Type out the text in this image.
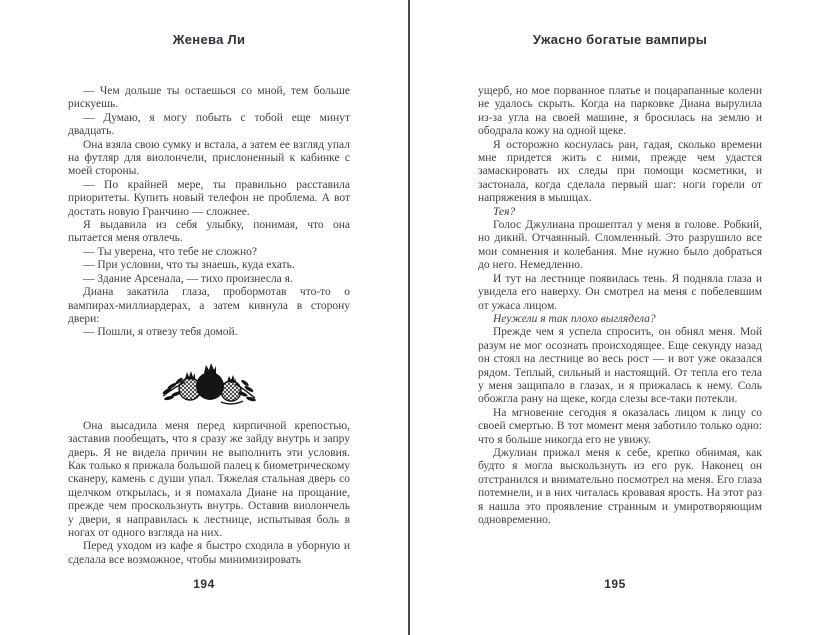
Женева Ли

— Чем дольше ты остаешься со мной, тем больше рискуешь.

— Думаю, я могу побыть с тобой еще минут двадцать.

Она взяла свою сумку и встала, а затем ее взгляд упал на футляр для виолончели, прислоненный к кабинке с моей стороны.

— По крайней мере, ты правильно расставила приоритеты. Купить новый телефон не проблема. А вот достать новую Гранчино — сложнее.

Я выдавила из себя улыбку, понимая, что она пытается меня отвлечь.

— Ты уверена, что тебе не сложно?

— При условии, что ты знаешь, куда ехать.

— Здание Арсенала, — тихо произнесла я.

Диана закатила глаза, пробормотав что-то о вампирах-миллиардерах, а затем кивнула в сторону двери:

— Пошли, я отвезу тебя домой.

Она высадила меня перед кирпичной крепостью, заставив пообещать, что я сразу же зайду внутрь и запру дверь. Я не видела причин не выполнить эти условия. Как только я прижала большой палец к биометрическому сканеру, камень с души упал. Тяжелая стальная дверь со щелчком открылась, и я помахала Диане на прощание, прежде чем проскользнуть внутрь. Оставив виолончель у двери, я направилась к лестнице, испытывая боль в ногах от одного взгляда на них.

Перед уходом из кафе я быстро сходила в уборную и сделала все возможное, чтобы минимизировать

194
Ужасно богатые вампиры

ущерб, но мое порванное платье и поцарапанные колени не удалось скрыть. Когда на парковке Диана вырулила из-за угла на своей машине, я бросилась на землю и ободрала кожу на одной щеке.

Я осторожно коснулась ран, гадая, сколько времени мне придется жить с ними, прежде чем удастся замаскировать их следы при помощи косметики, и застонала, когда сделала первый шаг: ноги горели от напряжения в мышцах.

Тея?

Голос Джулиана прошептал у меня в голове. Робкий, но дикий. Отчаянный. Сломленный. Это разрушило все мои сомнения и колебания. Мне нужно было добраться до него. Немедленно.

И тут на лестнице появилась тень. Я подняла глаза и увидела его наверху. Он смотрел на меня с побелевшим от ужаса лицом.

Неужели я так плохо выглядела?

Прежде чем я успела спросить, он обнял меня. Мой разум не мог осознать происходящее. Еще секунду назад он стоял на лестнице во весь рост — и вот уже оказался рядом. Теплый, сильный и настоящий. От тепла его тела у меня защипало в глазах, и я прижалась к нему. Соль обожгла рану на щеке, когда слезы все-таки потекли.

На мгновение сегодня я оказалась лицом к лицу со своей смертью. В тот момент меня заботило только одно: что я больше никогда его не увижу.

Джулиан прижал меня к себе, крепко обнимая, как будто я могла выскользнуть из его рук. Наконец он отстранился и внимательно посмотрел на меня. Его глаза потемнели, и в них читалась кровавая ярость. На этот раз я нашла это проявление странным и умиротворяющим одновременно.

195
